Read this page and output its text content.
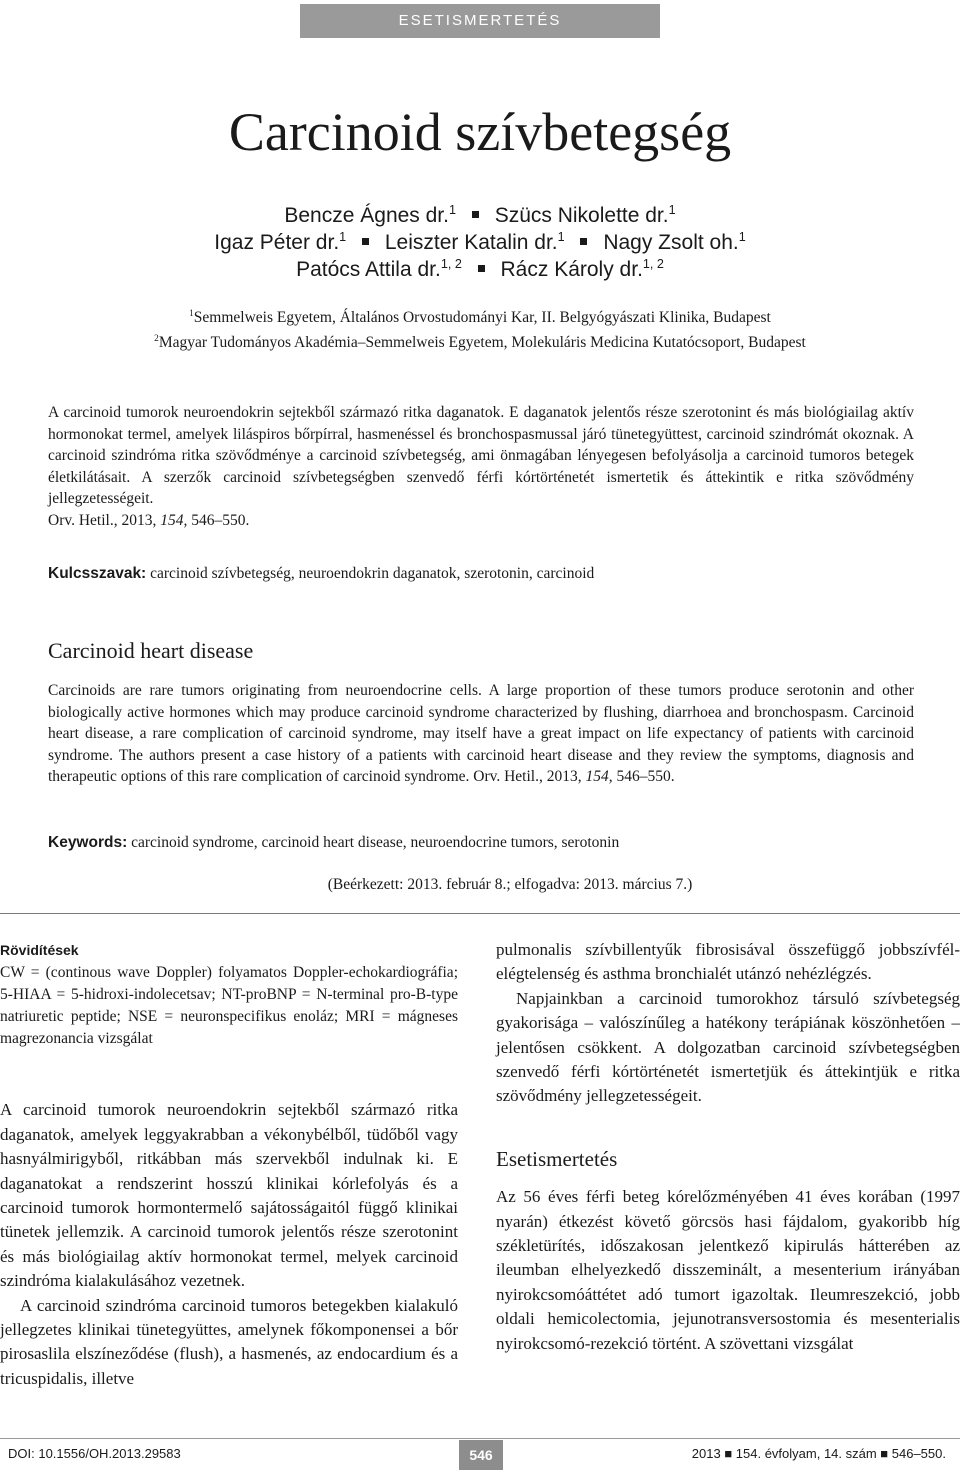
ESETISMERTETÉS
Carcinoid szívbetegség
Bencze Ágnes dr.$^1$ Szücs Nikolette dr.$^1$
Igaz Péter dr.$^1$ Leiszter Katalin dr.$^1$ Nagy Zsolt oh.$^1$
Patócs Attila dr.$^{1, 2}$ Rácz Károly dr.$^{1, 2}$
$^1$Semmelweis Egyetem, Általános Orvostudományi Kar, II. Belgyógyászati Klinika, Budapest
$^2$Magyar Tudományos Akadémia–Semmelweis Egyetem, Molekuláris Medicina Kutatócsoport, Budapest

A carcinoid tumorok neuroendokrin sejtekből származó ritka daganatok. E daganatok jelentős része szerotonint és más biológiailag aktív hormonokat termel, amelyek liláspiros bőrpírral, hasmenéssel és bronchospasmussal járó tünetegyüttest, carcinoid szindrómát okoznak. A carcinoid szindróma ritka szövődménye a carcinoid szívbetegség, ami önmagában lényegesen befolyásolja a carcinoid tumoros betegek életkilátásait. A szerzők carcinoid szívbetegségben szenvedő férfi kórtörténetét ismertetik és áttekintik e ritka szövődmény jellegzetességeit.

Orv. Hetil., 2013, 154, 546–550.

Kulcsszavak: carcinoid szívbetegség, neuroendokrin daganatok, szerotonin, carcinoid
Carcinoid heart disease

Carcinoids are rare tumors originating from neuroendocrine cells. A large proportion of these tumors produce serotonin and other biologically active hormones which may produce carcinoid syndrome characterized by flushing, diarrhoea and bronchospasm. Carcinoid heart disease, a rare complication of carcinoid syndrome, may itself have a great impact on life expectancy of patients with carcinoid syndrome. The authors present a case history of a patients with carcinoid heart disease and they review the symptoms, diagnosis and therapeutic options of this rare complication of carcinoid syndrome. Orv. Hetil., 2013, 154, 546–550.

Keywords: carcinoid syndrome, carcinoid heart disease, neuroendocrine tumors, serotonin
(Beérkezett: 2013. február 8.; elfogadva: 2013. március 7.)
Rövidítések

CW = (continous wave Doppler) folyamatos Doppler-echokardiográfia; 5-HIAA = 5-hidroxi-indolecetsav; NT-proBNP = N-terminal pro-B-type natriuretic peptide; NSE = neuronspecifikus enoláz; MRI = mágneses magrezonancia vizsgálat

A carcinoid tumorok neuroendokrin sejtekből származó ritka daganatok, amelyek leggyakrabban a vékonybélből, tüdőből vagy hasnyálmirigyből, ritkábban más szervekből indulnak ki. E daganatokat a rendszerint hosszú klinikai kórlefolyás és a carcinoid tumorok hormontermelő sajátosságaitól függő klinikai tünetek jellemzik. A carcinoid tumorok jelentős része szerotonint és más biológiailag aktív hormonokat termel, melyek carcinoid szindróma kialakulásához vezetnek.

A carcinoid szindróma carcinoid tumoros betegekben kialakuló jellegzetes klinikai tünetegyüttes, amelynek főkomponensei a bőr pirosaslila elszíneződése (flush), a hasmenés, az endocardium és a tricuspidalis, illetve

pulmonalis szívbillentyűk fibrosisával összefüggő jobbszívfél-elégtelenség és asthma bronchialét utánzó nehézlégzés.

Napjainkban a carcinoid tumorokhoz társuló szívbetegség gyakorisága – valószínűleg a hatékony terápiának köszönhetően – jelentősen csökkent. A dolgozatban carcinoid szívbetegségben szenvedő férfi kórtörténetét ismertetjük és áttekintjük e ritka szövődmény jellegzetességeit.

Esetismertetés

Az 56 éves férfi beteg kórelőzményében 41 éves korában (1997 nyarán) étkezést követő görcsös hasi fájdalom, gyakoribb híg székletürítés, időszakosan jelentkező kipirulás hátterében az ileumban elhelyezkedő disszeminált, a mesenterium irányában nyirokcsomóáttétet adó tumort igazoltak. Ileumreszekció, jobb oldali hemicolectomia, jejunotransversostomia és mesenterialis nyirokcsomó-rezekció történt. A szövettani vizsgálat

DOI: 10.1556/OH.2013.29583	546	2013 ■ 154. évfolyam, 14. szám ■ 546–550.
